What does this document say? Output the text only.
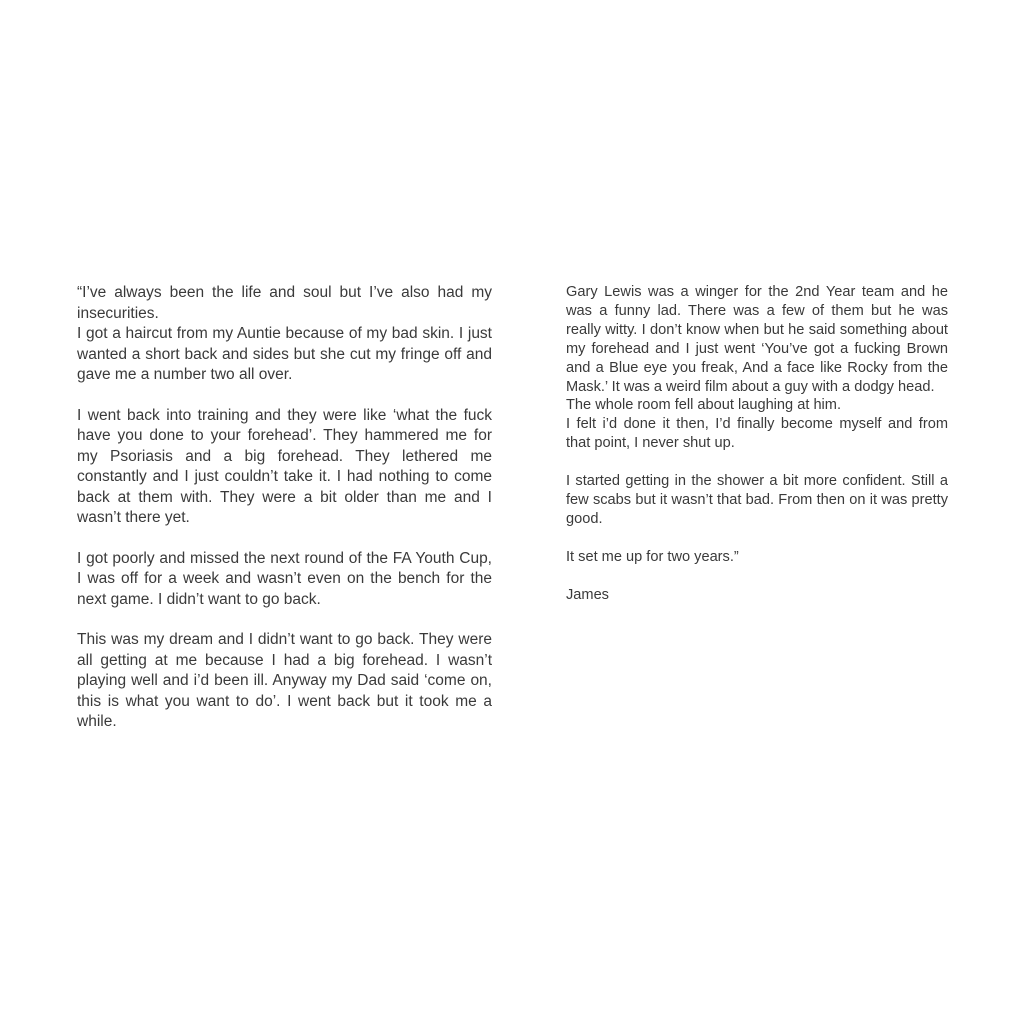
“I’ve always been the life and soul but I’ve also had my insecurities.
I got a haircut from my Auntie because of my bad skin. I just wanted a short back and sides but she cut my fringe off and gave me a number two all over.

I went back into training and they were like ‘what the fuck have you done to your forehead’. They hammered me for my Psoriasis and a big forehead. They lethered me constantly and I just couldn’t take it. I had nothing to come back at them with. They were a bit older than me and I wasn’t there yet.

I got poorly and missed the next round of the FA Youth Cup, I was off for a week and wasn’t even on the bench for the next game. I didn’t want to go back.

This was my dream and I didn’t want to go back. They were all getting at me because I had a big forehead. I wasn’t playing well and i’d been ill. Anyway my Dad said ‘come on, this is what you want to do’. I went back but it took me a while.

Gary Lewis was a winger for the 2nd Year team and he was a funny lad. There was a few of them but he was really witty. I don’t know when but he said something about my forehead and I just went ‘You’ve got a fucking Brown and a Blue eye you freak, And a face like Rocky from the Mask.’ It was a weird film about a guy with a dodgy head.
The whole room fell about laughing at him.
I felt i’d done it then, I’d finally become myself and from that point, I never shut up.

I started getting in the shower a bit more confident. Still a few scabs but it wasn’t that bad. From then on it was pretty good.

It set me up for two years.”

James
